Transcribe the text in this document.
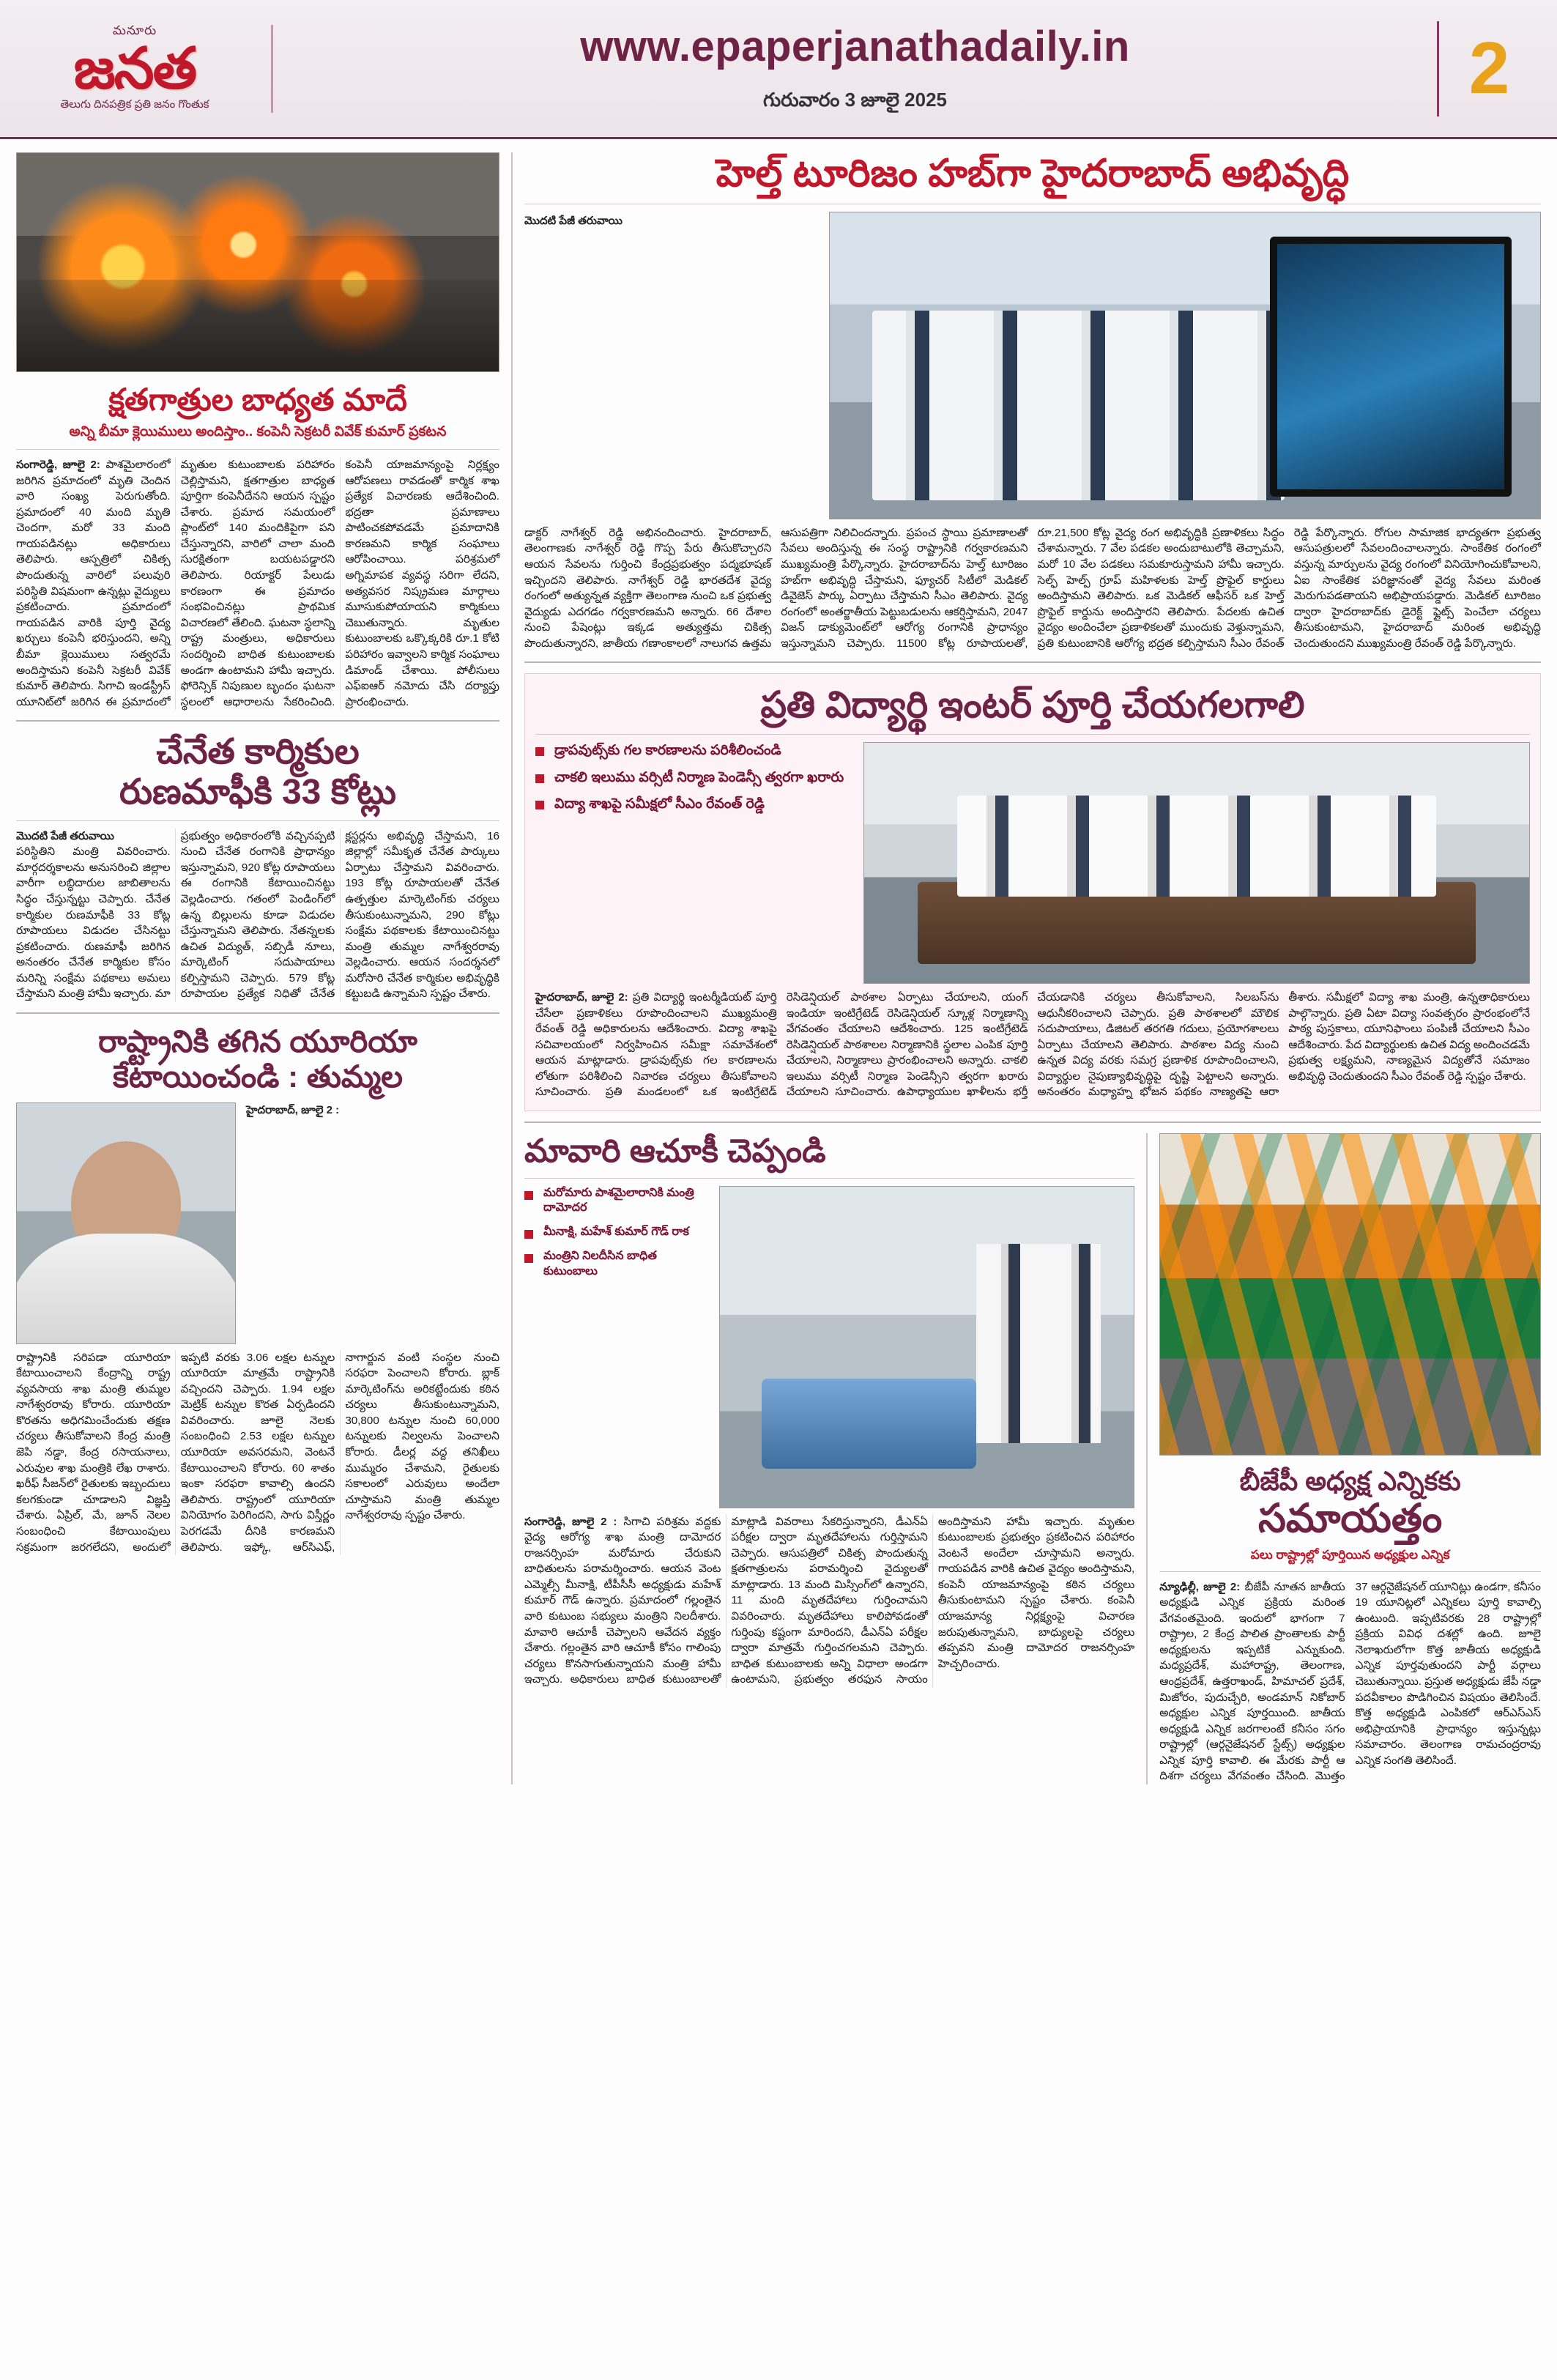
మనూరు
జనత
తెలుగు దినపత్రిక ప్రతి జనం గొంతుక
www.epaperjanathadaily.in
గురువారం 3 జూలై 2025	2
క్షతగాత్రుల బాధ్యత మాదే
అన్ని బీమా క్లెయిములు అందిస్తాం.. కంపెనీ సెక్రటరీ వివేక్ కుమార్ ప్రకటన
సంగారెడ్డి, జూలై 2: పాశమైలారంలో జరిగిన ప్రమాదంలో మృతి చెందిన వారి సంఖ్య పెరుగుతోంది. ప్రమాదంలో 40 మంది మృతి చెందగా, మరో 33 మంది గాయపడినట్లు అధికారులు తెలిపారు. ఆస్పత్రిలో చికిత్స పొందుతున్న వారిలో పలువురి పరిస్థితి విషమంగా ఉన్నట్లు వైద్యులు ప్రకటించారు. ప్రమాదంలో గాయపడిన వారికి పూర్తి వైద్య ఖర్చులు కంపెనీ భరిస్తుందని, అన్ని బీమా క్లెయిములు సత్వరమే అందిస్తామని కంపెనీ సెక్రటరీ వివేక్ కుమార్ తెలిపారు. సిగాచి ఇండస్ట్రీస్ యూనిట్‌లో జరిగిన ఈ ప్రమాదంలో మృతుల కుటుంబాలకు పరిహారం చెల్లిస్తామని, క్షతగాత్రుల బాధ్యత పూర్తిగా కంపెనీదేనని ఆయన స్పష్టం చేశారు. ప్రమాద సమయంలో ప్లాంట్‌లో 140 మందికిపైగా పని చేస్తున్నారని, వారిలో చాలా మంది సురక్షితంగా బయటపడ్డారని తెలిపారు. రియాక్టర్ పేలుడు కారణంగా ఈ ప్రమాదం సంభవించినట్లు ప్రాథమిక విచారణలో తేలింది. ఘటనా స్థలాన్ని రాష్ట్ర మంత్రులు, అధికారులు సందర్శించి బాధిత కుటుంబాలకు అండగా ఉంటామని హామీ ఇచ్చారు. ఫోరెన్సిక్ నిపుణుల బృందం ఘటనా స్థలంలో ఆధారాలను సేకరించింది. కంపెనీ యాజమాన్యంపై నిర్లక్ష్యం ఆరోపణలు రావడంతో కార్మిక శాఖ ప్రత్యేక విచారణకు ఆదేశించింది. భద్రతా ప్రమాణాలు పాటించకపోవడమే ప్రమాదానికి కారణమని కార్మిక సంఘాలు ఆరోపించాయి. పరిశ్రమలో అగ్నిమాపక వ్యవస్థ సరిగా లేదని, అత్యవసర నిష్క్రమణ మార్గాలు మూసుకుపోయాయని కార్మికులు చెబుతున్నారు. మృతుల కుటుంబాలకు ఒక్కొక్కరికి రూ.1 కోటి పరిహారం ఇవ్వాలని కార్మిక సంఘాలు డిమాండ్ చేశాయి. పోలీసులు ఎఫ్ఐఆర్ నమోదు చేసి దర్యాప్తు ప్రారంభించారు.
చేనేత కార్మికుల
రుణమాఫీకి 33 కోట్లు
మొదటి పేజీ తరువాయి
పరిస్థితిని మంత్రి వివరించారు. మార్గదర్శకాలను అనుసరించి జిల్లాల వారీగా లబ్ధిదారుల జాబితాలను సిద్ధం చేస్తున్నట్టు చెప్పారు. చేనేత కార్మికుల రుణమాఫీకి 33 కోట్ల రూపాయలు విడుదల చేసినట్టు ప్రకటించారు. రుణమాఫీ జరిగిన అనంతరం చేనేత కార్మికుల కోసం మరిన్ని సంక్షేమ పథకాలు అమలు చేస్తామని మంత్రి హామీ ఇచ్చారు. మా ప్రభుత్వం అధికారంలోకి వచ్చినప్పటి నుంచి చేనేత రంగానికి ప్రాధాన్యం ఇస్తున్నామని, 920 కోట్ల రూపాయలు ఈ రంగానికి కేటాయించినట్టు వెల్లడించారు. గతంలో పెండింగ్‌లో ఉన్న బిల్లులను కూడా విడుదల చేస్తున్నామని తెలిపారు. నేతన్నలకు ఉచిత విద్యుత్, సబ్సిడీ నూలు, మార్కెటింగ్ సదుపాయాలు కల్పిస్తామని చెప్పారు. 579 కోట్ల రూపాయల ప్రత్యేక నిధితో చేనేత క్లస్టర్లను అభివృద్ధి చేస్తామని, 16 జిల్లాల్లో సమీకృత చేనేత పార్కులు ఏర్పాటు చేస్తామని వివరించారు. 193 కోట్ల రూపాయలతో చేనేత ఉత్పత్తుల మార్కెటింగ్‌కు చర్యలు తీసుకుంటున్నామని, 290 కోట్లు సంక్షేమ పథకాలకు కేటాయించినట్టు మంత్రి తుమ్మల నాగేశ్వరరావు వెల్లడించారు. ఆయన సందర్శనలో మరోసారి చేనేత కార్మికుల అభివృద్ధికి కట్టుబడి ఉన్నామని స్పష్టం చేశారు.
రాష్ట్రానికి తగిన యూరియా
కేటాయించండి : తుమ్మల
హైదరాబాద్, జూలై 2 :
రాష్ట్రానికి సరిపడా యూరియా కేటాయించాలని కేంద్రాన్ని రాష్ట్ర వ్యవసాయ శాఖ మంత్రి తుమ్మల నాగేశ్వరరావు కోరారు. యూరియా కొరతను అధిగమించేందుకు తక్షణ చర్యలు తీసుకోవాలని కేంద్ర మంత్రి జెపి నడ్డా, కేంద్ర రసాయనాలు, ఎరువుల శాఖ మంత్రికి లేఖ రాశారు. ఖరీఫ్ సీజన్‌లో రైతులకు ఇబ్బందులు కలగకుండా చూడాలని విజ్ఞప్తి చేశారు. ఏప్రిల్, మే, జూన్ నెలల సంబంధించి కేటాయింపులు సక్రమంగా జరగలేదని, అందులో ఇప్పటి వరకు 3.06 లక్షల టన్నుల యూరియా మాత్రమే రాష్ట్రానికి వచ్చిందని చెప్పారు. 1.94 లక్షల మెట్రిక్ టన్నుల కొరత ఏర్పడిందని వివరించారు. జూలై నెలకు సంబంధించి 2.53 లక్షల టన్నుల యూరియా అవసరమని, వెంటనే కేటాయించాలని కోరారు. 60 శాతం ఇంకా సరఫరా కావాల్సి ఉందని తెలిపారు. రాష్ట్రంలో యూరియా వినియోగం పెరిగిందని, సాగు విస్తీర్ణం పెరగడమే దీనికి కారణమని తెలిపారు. ఇఫ్కో, ఆర్‌సిఎఫ్, నాగార్జున వంటి సంస్థల నుంచి సరఫరా పెంచాలని కోరారు. బ్లాక్ మార్కెటింగ్‌ను అరికట్టేందుకు కఠిన చర్యలు తీసుకుంటున్నామని, 30,800 టన్నుల నుంచి 60,000 టన్నులకు నిల్వలను పెంచాలని కోరారు. డీలర్ల వద్ద తనిఖీలు ముమ్మరం చేశామని, రైతులకు సకాలంలో ఎరువులు అందేలా చూస్తామని మంత్రి తుమ్మల నాగేశ్వరరావు స్పష్టం చేశారు.
హెల్త్ టూరిజం హబ్‌గా హైదరాబాద్ అభివృద్ధి
మొదటి పేజీ తరువాయి
డాక్టర్ నాగేశ్వర్ రెడ్డి అభినందించారు. హైదరాబాద్, తెలంగాణకు నాగేశ్వర్ రెడ్డి గొప్ప పేరు తీసుకొచ్చారని ఆయన సేవలను గుర్తించి కేంద్రప్రభుత్వం పద్మభూషణ్ ఇచ్చిందని తెలిపారు. నాగేశ్వర్ రెడ్డి భారతదేశ వైద్య రంగంలో అత్యున్నత వ్యక్తిగా తెలంగాణ నుంచి ఒక ప్రభుత్వ వైద్యుడు ఎదగడం గర్వకారణమని అన్నారు. 66 దేశాల నుంచి పేషెంట్లు ఇక్కడ అత్యుత్తమ చికిత్స పొందుతున్నారని, జాతీయ గణాంకాలలో నాలుగవ ఉత్తమ ఆసుపత్రిగా నిలిచిందన్నారు. ప్రపంచ స్థాయి ప్రమాణాలతో సేవలు అందిస్తున్న ఈ సంస్థ రాష్ట్రానికి గర్వకారణమని ముఖ్యమంత్రి పేర్కొన్నారు. హైదరాబాద్‌ను హెల్త్ టూరిజం హబ్‌గా అభివృద్ధి చేస్తామని, ఫ్యూచర్ సిటీలో మెడికల్ డివైజెస్ పార్కు ఏర్పాటు చేస్తామని సీఎం తెలిపారు. వైద్య రంగంలో అంతర్జాతీయ పెట్టుబడులను ఆకర్షిస్తామని, 2047 విజన్ డాక్యుమెంట్‌లో ఆరోగ్య రంగానికి ప్రాధాన్యం ఇస్తున్నామని చెప్పారు. 11500 కోట్ల రూపాయలతో, రూ.21,500 కోట్ల వైద్య రంగ అభివృద్ధికి ప్రణాళికలు సిద్ధం చేశామన్నారు. 7 వేల పడకల అందుబాటులోకి తెచ్చామని, మరో 10 వేల పడకలు సమకూరుస్తామని హామీ ఇచ్చారు. సెల్ఫ్ హెల్ప్ గ్రూప్ మహిళలకు హెల్త్ ప్రొఫైల్ కార్డులు అందిస్తామని తెలిపారు. ఒక మెడికల్ ఆఫీసర్ ఒక హెల్త్ ప్రొఫైల్ కార్డును అందిస్తారని తెలిపారు. పేదలకు ఉచిత వైద్యం అందించేలా ప్రణాళికలతో ముందుకు వెళ్తున్నామని, ప్రతి కుటుంబానికి ఆరోగ్య భద్రత కల్పిస్తామని సీఎం రేవంత్ రెడ్డి పేర్కొన్నారు. రోగుల సామాజిక భాద్యతగా ప్రభుత్వ ఆసుపత్రులలో సేవలందించాలన్నారు. సాంకేతిక రంగంలో వస్తున్న మార్పులను వైద్య రంగంలో వినియోగించుకోవాలని, ఏఐ సాంకేతిక పరిజ్ఞానంతో వైద్య సేవలు మరింత మెరుగుపడతాయని అభిప్రాయపడ్డారు. మెడికల్ టూరిజం ద్వారా హైదరాబాద్‌కు డైరెక్ట్ ఫ్లైట్స్ పెంచేలా చర్యలు తీసుకుంటామని, హైదరాబాద్ మరింత అభివృద్ధి చెందుతుందని ముఖ్యమంత్రి రేవంత్ రెడ్డి పేర్కొన్నారు.
ప్రతి విద్యార్థి ఇంటర్ పూర్తి చేయగలగాలి
డ్రాపవుట్స్‌కు గల కారణాలను పరిశీలించండి
చాకలి ఇలుము వర్సిటీ నిర్మాణ పెండెన్సీ త్వరగా ఖరారు
విద్యా శాఖపై సమీక్షలో సీఎం రేవంత్ రెడ్డి
హైదరాబాద్, జూలై 2: ప్రతి విద్యార్థి ఇంటర్మీడియట్ పూర్తి చేసేలా ప్రణాళికలు రూపొందించాలని ముఖ్యమంత్రి రేవంత్ రెడ్డి అధికారులను ఆదేశించారు. విద్యా శాఖపై సచివాలయంలో నిర్వహించిన సమీక్షా సమావేశంలో ఆయన మాట్లాడారు. డ్రాపవుట్స్‌కు గల కారణాలను లోతుగా పరిశీలించి నివారణ చర్యలు తీసుకోవాలని సూచించారు. ప్రతి మండలంలో ఒక ఇంటిగ్రేటెడ్ రెసిడెన్షియల్ పాఠశాల ఏర్పాటు చేయాలని, యంగ్ ఇండియా ఇంటిగ్రేటెడ్ రెసిడెన్షియల్ స్కూళ్ల నిర్మాణాన్ని వేగవంతం చేయాలని ఆదేశించారు. 125 ఇంటిగ్రేటెడ్ రెసిడెన్షియల్ పాఠశాలల నిర్మాణానికి స్థలాల ఎంపిక పూర్తి చేయాలని, నిర్మాణాలు ప్రారంభించాలని అన్నారు. చాకలి ఇలుము వర్సిటీ నిర్మాణ పెండెన్సీని త్వరగా ఖరారు చేయాలని సూచించారు. ఉపాధ్యాయుల ఖాళీలను భర్తీ చేయడానికి చర్యలు తీసుకోవాలని, సిలబస్‌ను ఆధునీకరించాలని చెప్పారు. ప్రతి పాఠశాలలో మౌలిక సదుపాయాలు, డిజిటల్ తరగతి గదులు, ప్రయోగశాలలు ఏర్పాటు చేయాలని తెలిపారు. పాఠశాల విద్య నుంచి ఉన్నత విద్య వరకు సమగ్ర ప్రణాళిక రూపొందించాలని, విద్యార్థుల నైపుణ్యాభివృద్ధిపై దృష్టి పెట్టాలని అన్నారు. అనంతరం మధ్యాహ్న భోజన పథకం నాణ్యతపై ఆరా తీశారు. సమీక్షలో విద్యా శాఖ మంత్రి, ఉన్నతాధికారులు పాల్గొన్నారు. ప్రతి ఏటా విద్యా సంవత్సరం ప్రారంభంలోనే పాఠ్య పుస్తకాలు, యూనిఫాంలు పంపిణీ చేయాలని సీఎం ఆదేశించారు. పేద విద్యార్థులకు ఉచిత విద్య అందించడమే ప్రభుత్వ లక్ష్యమని, నాణ్యమైన విద్యతోనే సమాజం అభివృద్ధి చెందుతుందని సీఎం రేవంత్ రెడ్డి స్పష్టం చేశారు.
మావారి ఆచూకీ చెప్పండి
మరోమారు పాశమైలారానికి మంత్రి దామోదర
మీనాక్షి, మహేశ్ కుమార్ గౌడ్ రాక
మంత్రిని నిలదీసిన బాధిత కుటుంబాలు
సంగారెడ్డి, జూలై 2 : సిగాచి పరిశ్రమ వద్దకు వైద్య ఆరోగ్య శాఖ మంత్రి దామోదర రాజనర్సింహ మరోమారు చేరుకుని బాధితులను పరామర్శించారు. ఆయన వెంట ఎమ్మెల్సీ మీనాక్షి, టీపీసీసీ అధ్యక్షుడు మహేశ్ కుమార్ గౌడ్ ఉన్నారు. ప్రమాదంలో గల్లంతైన వారి కుటుంబ సభ్యులు మంత్రిని నిలదీశారు. మావారి ఆచూకీ చెప్పాలని ఆవేదన వ్యక్తం చేశారు. గల్లంతైన వారి ఆచూకీ కోసం గాలింపు చర్యలు కొనసాగుతున్నాయని మంత్రి హామీ ఇచ్చారు. అధికారులు బాధిత కుటుంబాలతో మాట్లాడి వివరాలు సేకరిస్తున్నారని, డీఎన్ఏ పరీక్షల ద్వారా మృతదేహాలను గుర్తిస్తామని చెప్పారు. ఆసుపత్రిలో చికిత్స పొందుతున్న క్షతగాత్రులను పరామర్శించి వైద్యులతో మాట్లాడారు. 13 మంది మిస్సింగ్‌లో ఉన్నారని, 11 మంది మృతదేహాలు గుర్తించామని వివరించారు. మృతదేహాలు కాలిపోవడంతో గుర్తింపు కష్టంగా మారిందని, డీఎన్ఏ పరీక్షల ద్వారా మాత్రమే గుర్తించగలమని చెప్పారు. బాధిత కుటుంబాలకు అన్ని విధాలా అండగా ఉంటామని, ప్రభుత్వం తరఫున సాయం అందిస్తామని హామీ ఇచ్చారు. మృతుల కుటుంబాలకు ప్రభుత్వం ప్రకటించిన పరిహారం వెంటనే అందేలా చూస్తామని అన్నారు. గాయపడిన వారికి ఉచిత వైద్యం అందిస్తామని, కంపెనీ యాజమాన్యంపై కఠిన చర్యలు తీసుకుంటామని స్పష్టం చేశారు. కంపెనీ యాజమాన్య నిర్లక్ష్యంపై విచారణ జరుపుతున్నామని, బాధ్యులపై చర్యలు తప్పవని మంత్రి దామోదర రాజనర్సింహ హెచ్చరించారు.
బీజేపీ అధ్యక్ష ఎన్నికకు
సమాయత్తం
పలు రాష్ట్రాల్లో పూర్తియిన అధ్యక్షుల ఎన్నిక
న్యూఢిల్లీ, జూలై 2: బీజేపీ నూతన జాతీయ అధ్యక్షుడి ఎన్నిక ప్రక్రియ మరింత వేగవంతమైంది. ఇందులో భాగంగా 7 రాష్ట్రాల, 2 కేంద్ర పాలిత ప్రాంతాలకు పార్టీ అధ్యక్షులను ఇప్పటికే ఎన్నుకుంది. మధ్యప్రదేశ్, మహారాష్ట్ర, తెలంగాణ, ఆంధ్రప్రదేశ్, ఉత్తరాఖండ్, హిమాచల్ ప్రదేశ్, మిజోరం, పుదుచ్చేరి, అండమాన్ నికోబార్ అధ్యక్షుల ఎన్నిక పూర్తయింది. జాతీయ అధ్యక్షుడి ఎన్నిక జరగాలంటే కనీసం సగం రాష్ట్రాల్లో (ఆర్గనైజేషనల్ స్టేట్స్) అధ్యక్షుల ఎన్నిక పూర్తి కావాలి. ఈ మేరకు పార్టీ ఆ దిశగా చర్యలు వేగవంతం చేసింది. మొత్తం 37 ఆర్గనైజేషనల్ యూనిట్లు ఉండగా, కనీసం 19 యూనిట్లలో ఎన్నికలు పూర్తి కావాల్సి ఉంటుంది. ఇప్పటివరకు 28 రాష్ట్రాల్లో ప్రక్రియ వివిధ దశల్లో ఉంది. జూలై నెలాఖరులోగా కొత్త జాతీయ అధ్యక్షుడి ఎన్నిక పూర్తవుతుందని పార్టీ వర్గాలు చెబుతున్నాయి. ప్రస్తుత అధ్యక్షుడు జేపీ నడ్డా పదవీకాలం పొడిగించిన విషయం తెలిసిందే. కొత్త అధ్యక్షుడి ఎంపికలో ఆర్ఎస్ఎస్ అభిప్రాయానికి ప్రాధాన్యం ఇస్తున్నట్లు సమాచారం. తెలంగాణ రామచంద్రరావు ఎన్నిక సంగతి తెలిసిందే.
